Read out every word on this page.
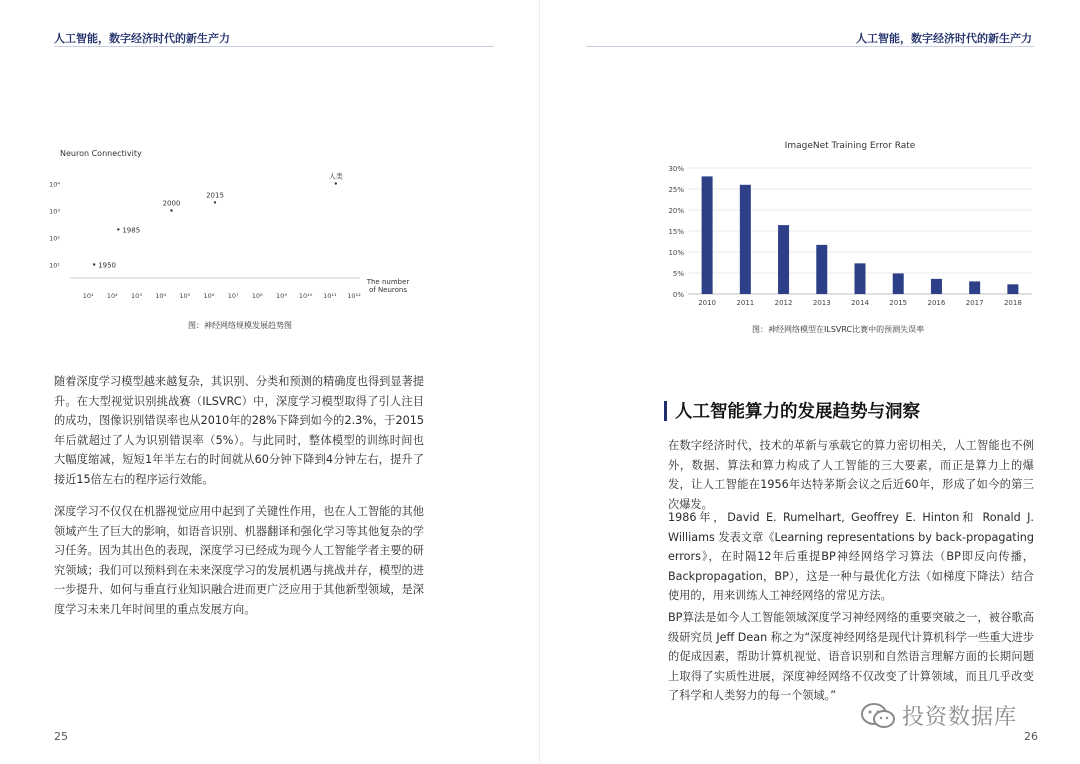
人工智能，数字经济时代的新生产力
Neuron Connectivity
10¹
10²
10³
10⁴
10¹ 10² 10³ 10⁴ 10⁵ 10⁶ 10⁷ 10⁸ 10⁹ 10¹⁰ 10¹¹ 10¹²
1950
1985
2000
2015
人类
The number
of Neurons
图：神经网络规模发展趋势图
随着深度学习模型越来越复杂，其识别、分类和预测的精确度也得到显著提升。在大型视觉识别挑战赛（ILSVRC）中，深度学习模型取得了引人注目的成功，图像识别错误率也从2010年的28%下降到如今的2.3%，于2015年后就超过了人为识别错误率（5%）。与此同时，整体模型的训练时间也大幅度缩减，短短1年半左右的时间就从60分钟下降到4分钟左右，提升了接近15倍左右的程序运行效能。
深度学习不仅仅在机器视觉应用中起到了关键性作用，也在人工智能的其他领域产生了巨大的影响，如语音识别、机器翻译和强化学习等其他复杂的学习任务。因为其出色的表现，深度学习已经成为现今人工智能学者主要的研究领域；我们可以预料到在未来深度学习的发展机遇与挑战并存，模型的进一步提升、如何与垂直行业知识融合进而更广泛应用于其他新型领域，是深度学习未来几年时间里的重点发展方向。
25
人工智能，数字经济时代的新生产力
ImageNet Training Error Rate
0%
5%
10%
15%
20%
25%
30%
2010	2011	2012	2013	2014	2015	2016	2017	2018
图：神经网络模型在ILSVRC比赛中的预测失误率
人工智能算力的发展趋势与洞察
在数字经济时代，技术的革新与承载它的算力密切相关，人工智能也不例外，数据、算法和算力构成了人工智能的三大要素，而正是算力上的爆发，让人工智能在1956年达特茅斯会议之后近60年，形成了如今的第三次爆发。
1986年，David E. Rumelhart, Geoffrey E. Hinton和 Ronald J. Williams 发表文章《Learning representations by back-propagating errors》，在时隔12年后重提BP神经网络学习算法（BP即反向传播，Backpropagation，BP），这是一种与最优化方法（如梯度下降法）结合使用的，用来训练人工神经网络的常见方法。
BP算法是如今人工智能领域深度学习神经网络的重要突破之一，被谷歌高级研究员 Jeff Dean 称之为“深度神经网络是现代计算机科学一些重大进步的促成因素，帮助计算机视觉、语音识别和自然语言理解方面的长期问题上取得了实质性进展，深度神经网络不仅改变了计算领域，而且几乎改变了科学和人类努力的每一个领域。”
投资数据库
26
